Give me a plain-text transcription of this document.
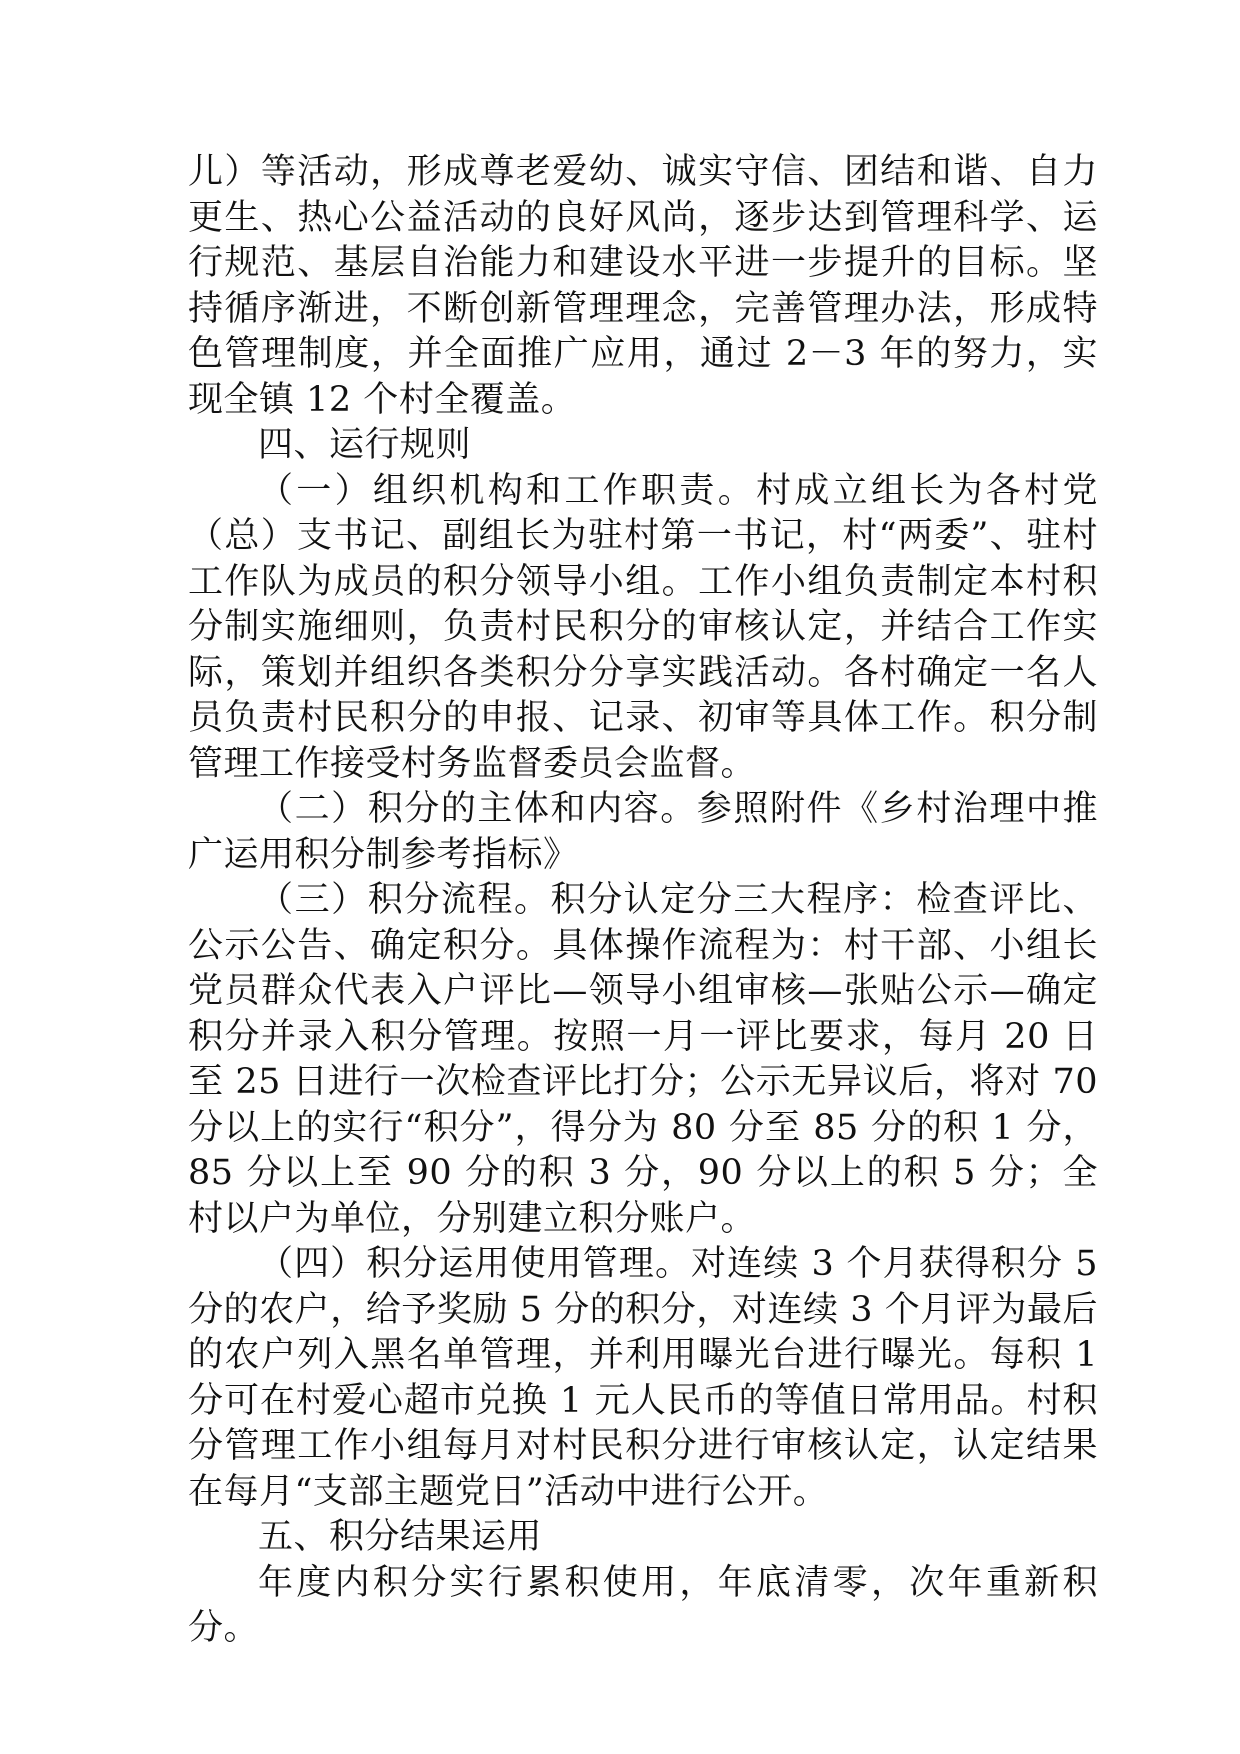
儿）等活动，形成尊老爱幼、诚实守信、团结和谐、自力更生、热心公益活动的良好风尚，逐步达到管理科学、运行规范、基层自治能力和建设水平进一步提升的目标。坚持循序渐进，不断创新管理理念，完善管理办法，形成特色管理制度，并全面推广应用，通过 2－3 年的努力，实现全镇 12 个村全覆盖。

四、运行规则

（一）组织机构和工作职责。村成立组长为各村党（总）支书记、副组长为驻村第一书记，村“两委”、驻村工作队为成员的积分领导小组。工作小组负责制定本村积分制实施细则，负责村民积分的审核认定，并结合工作实际，策划并组织各类积分分享实践活动。各村确定一名人员负责村民积分的申报、记录、初审等具体工作。积分制管理工作接受村务监督委员会监督。

（二）积分的主体和内容。参照附件《乡村治理中推广运用积分制参考指标》

（三）积分流程。积分认定分三大程序：检查评比、公示公告、确定积分。具体操作流程为：村干部、小组长党员群众代表入户评比—领导小组审核—张贴公示—确定积分并录入积分管理。按照一月一评比要求，每月 20 日至 25 日进行一次检查评比打分；公示无异议后，将对 70 分以上的实行“积分”，得分为 80 分至 85 分的积 1 分，85 分以上至 90 分的积 3 分，90 分以上的积 5 分；全村以户为单位，分别建立积分账户。

（四）积分运用使用管理。对连续 3 个月获得积分 5 分的农户，给予奖励 5 分的积分，对连续 3 个月评为最后的农户列入黑名单管理，并利用曝光台进行曝光。每积 1 分可在村爱心超市兑换 1 元人民币的等值日常用品。村积分管理工作小组每月对村民积分进行审核认定，认定结果在每月“支部主题党日”活动中进行公开。

五、积分结果运用

年度内积分实行累积使用，年底清零，次年重新积分。
